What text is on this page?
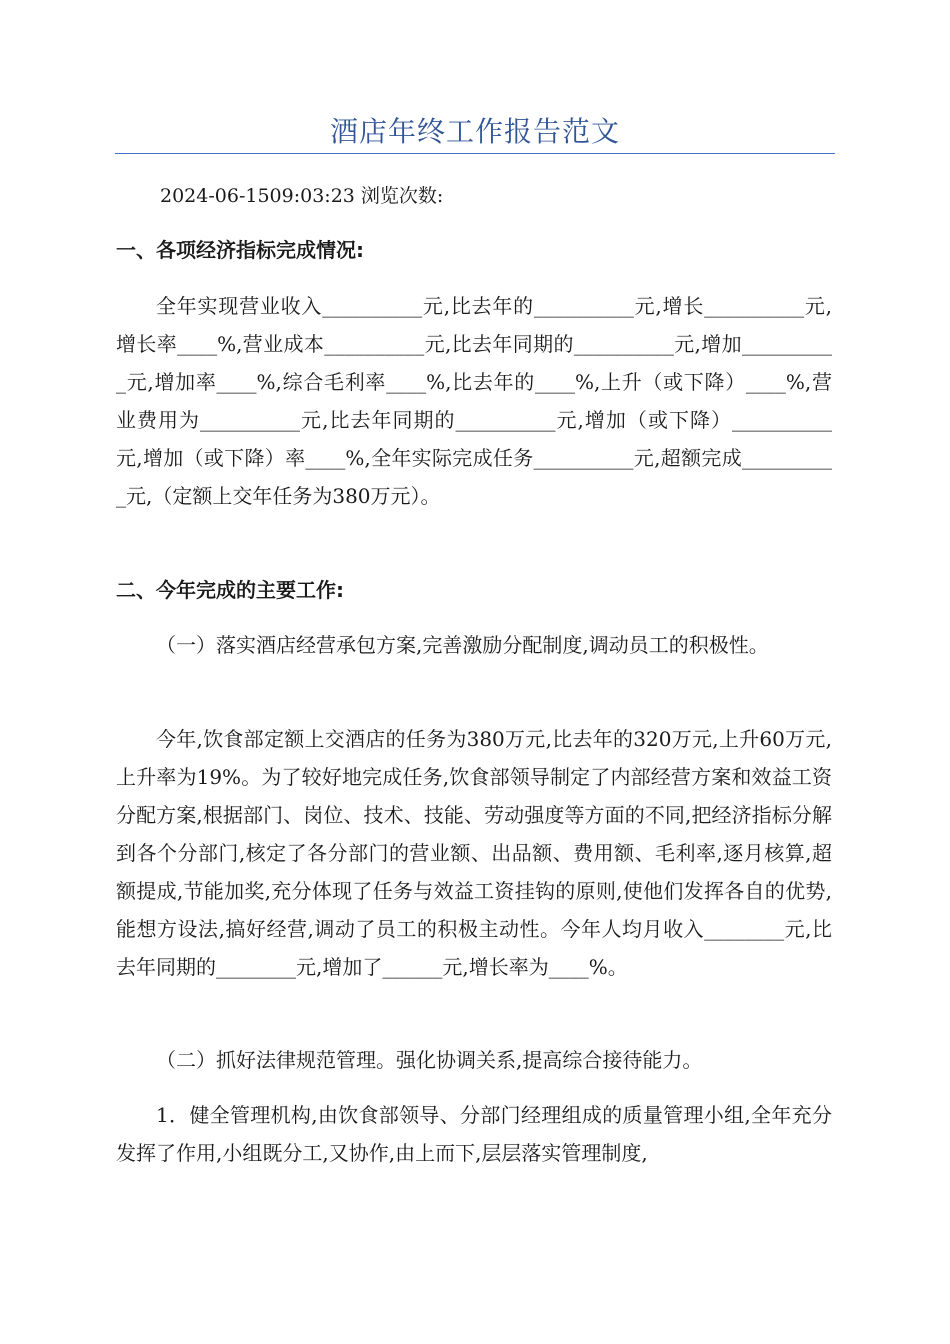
酒店年终工作报告范文
2024-06-1509:03:23 浏览次数:
一、各项经济指标完成情况:
全年实现营业收入__________元,比去年的__________元,增长__________元,增长率____%,营业成本__________元,比去年同期的__________元,增加__________元,增加率____%,综合毛利率____%,比去年的____%,上升（或下降）____%,营业费用为__________元,比去年同期的__________元,增加（或下降）__________元,增加（或下降）率____%,全年实际完成任务__________元,超额完成__________元,（定额上交年任务为380万元）。
二、今年完成的主要工作:
（一）落实酒店经营承包方案,完善激励分配制度,调动员工的积极性。
今年,饮食部定额上交酒店的任务为380万元,比去年的320万元,上升60万元,上升率为19%。为了较好地完成任务,饮食部领导制定了内部经营方案和效益工资分配方案,根据部门、岗位、技术、技能、劳动强度等方面的不同,把经济指标分解到各个分部门,核定了各分部门的营业额、出品额、费用额、毛利率,逐月核算,超额提成,节能加奖,充分体现了任务与效益工资挂钩的原则,使他们发挥各自的优势,能想方设法,搞好经营,调动了员工的积极主动性。今年人均月收入________元,比去年同期的________元,增加了______元,增长率为____%。
（二）抓好法律规范管理。强化协调关系,提高综合接待能力。
1．健全管理机构,由饮食部领导、分部门经理组成的质量管理小组,全年充分发挥了作用,小组既分工,又协作,由上而下,层层落实管理制度,
